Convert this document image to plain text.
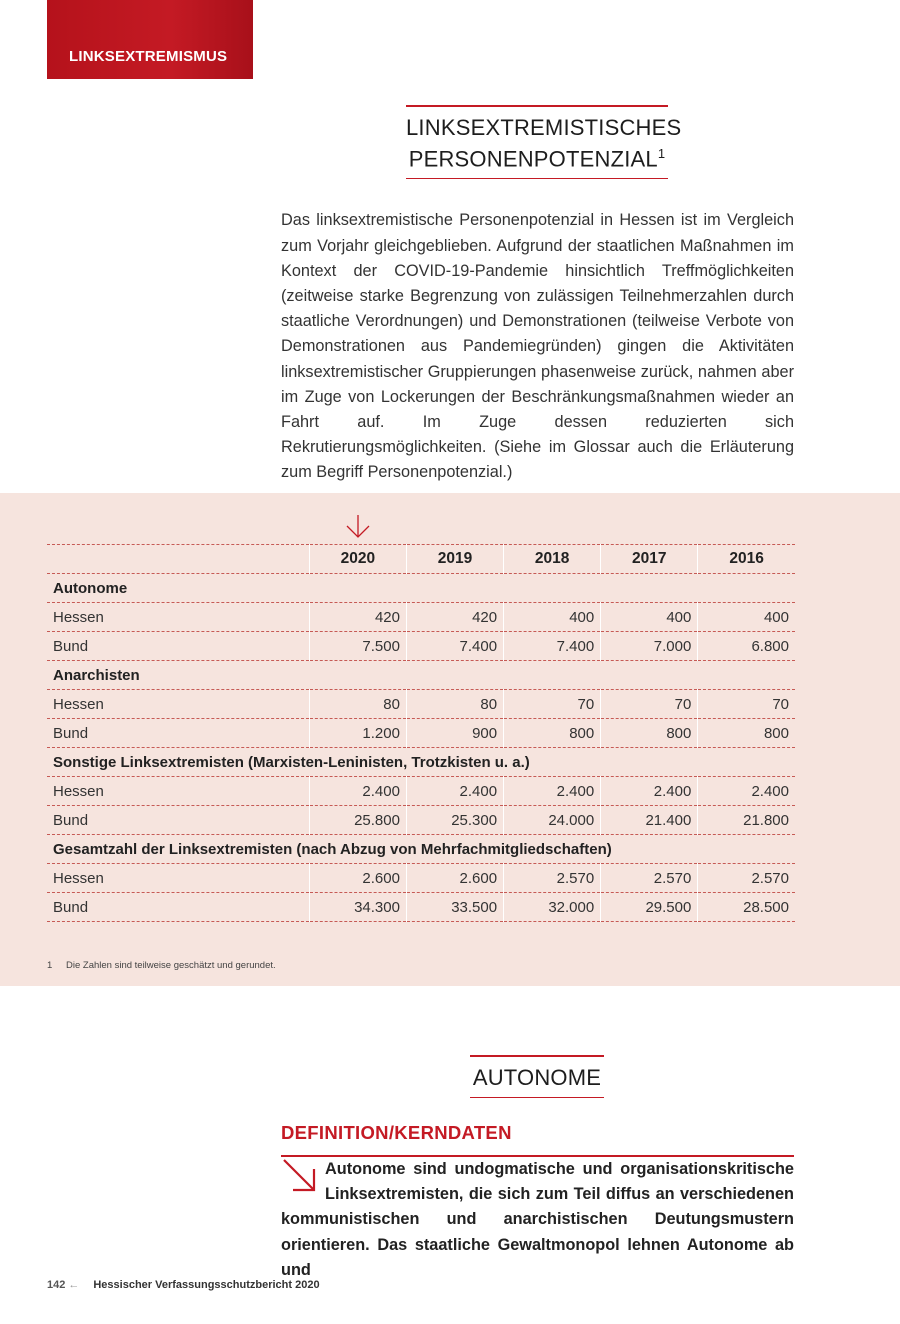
LINKSEXTREMISMUS
LINKSEXTREMISTISCHES
PERSONENPOTENZIAL$^1$

Das linksextremistische Personenpotenzial in Hessen ist im Vergleich zum Vorjahr gleichgeblieben. Aufgrund der staatlichen Maßnahmen im Kontext der COVID-19-Pandemie hinsichtlich Treffmöglichkeiten (zeitweise starke Begrenzung von zulässigen Teilnehmerzahlen durch staatliche Verordnungen) und Demonstrationen (teilweise Verbote von Demonstrationen aus Pandemiegründen) gingen die Aktivitäten linksextremistischer Gruppierungen phasenweise zurück, nahmen aber im Zuge von Lockerungen der Beschränkungsmaßnahmen wieder an Fahrt auf. Im Zuge dessen reduzierten sich Rekrutierungsmöglichkeiten. (Siehe im Glossar auch die Erläuterung zum Begriff Personenpotenzial.)

	2020	2019	2018	2017	2016
Autonome					
Hessen	420	420	400	400	400
Bund	7.500	7.400	7.400	7.000	6.800
Anarchisten					
Hessen	80	80	70	70	70
Bund	1.200	900	800	800	800
Sonstige Linksextremisten (Marxisten-Leninisten, Trotzkisten u. a.)					
Hessen	2.400	2.400	2.400	2.400	2.400
Bund	25.800	25.300	24.000	21.400	21.800
Gesamtzahl der Linksextremisten (nach Abzug von Mehrfachmitgliedschaften)					
Hessen	2.600	2.600	2.570	2.570	2.570
Bund	34.300	33.500	32.000	29.500	28.500
1 Die Zahlen sind teilweise geschätzt und gerundet.
AUTONOME
DEFINITION/KERNDATEN
Autonome sind undogmatische und organisationskritische Linksextremisten, die sich zum Teil diffus an verschiedenen kommunistischen und anarchistischen Deutungsmustern orientieren. Das staatliche Gewaltmonopol lehnen Autonome ab und
142 ← Hessischer Verfassungsschutzbericht 2020
